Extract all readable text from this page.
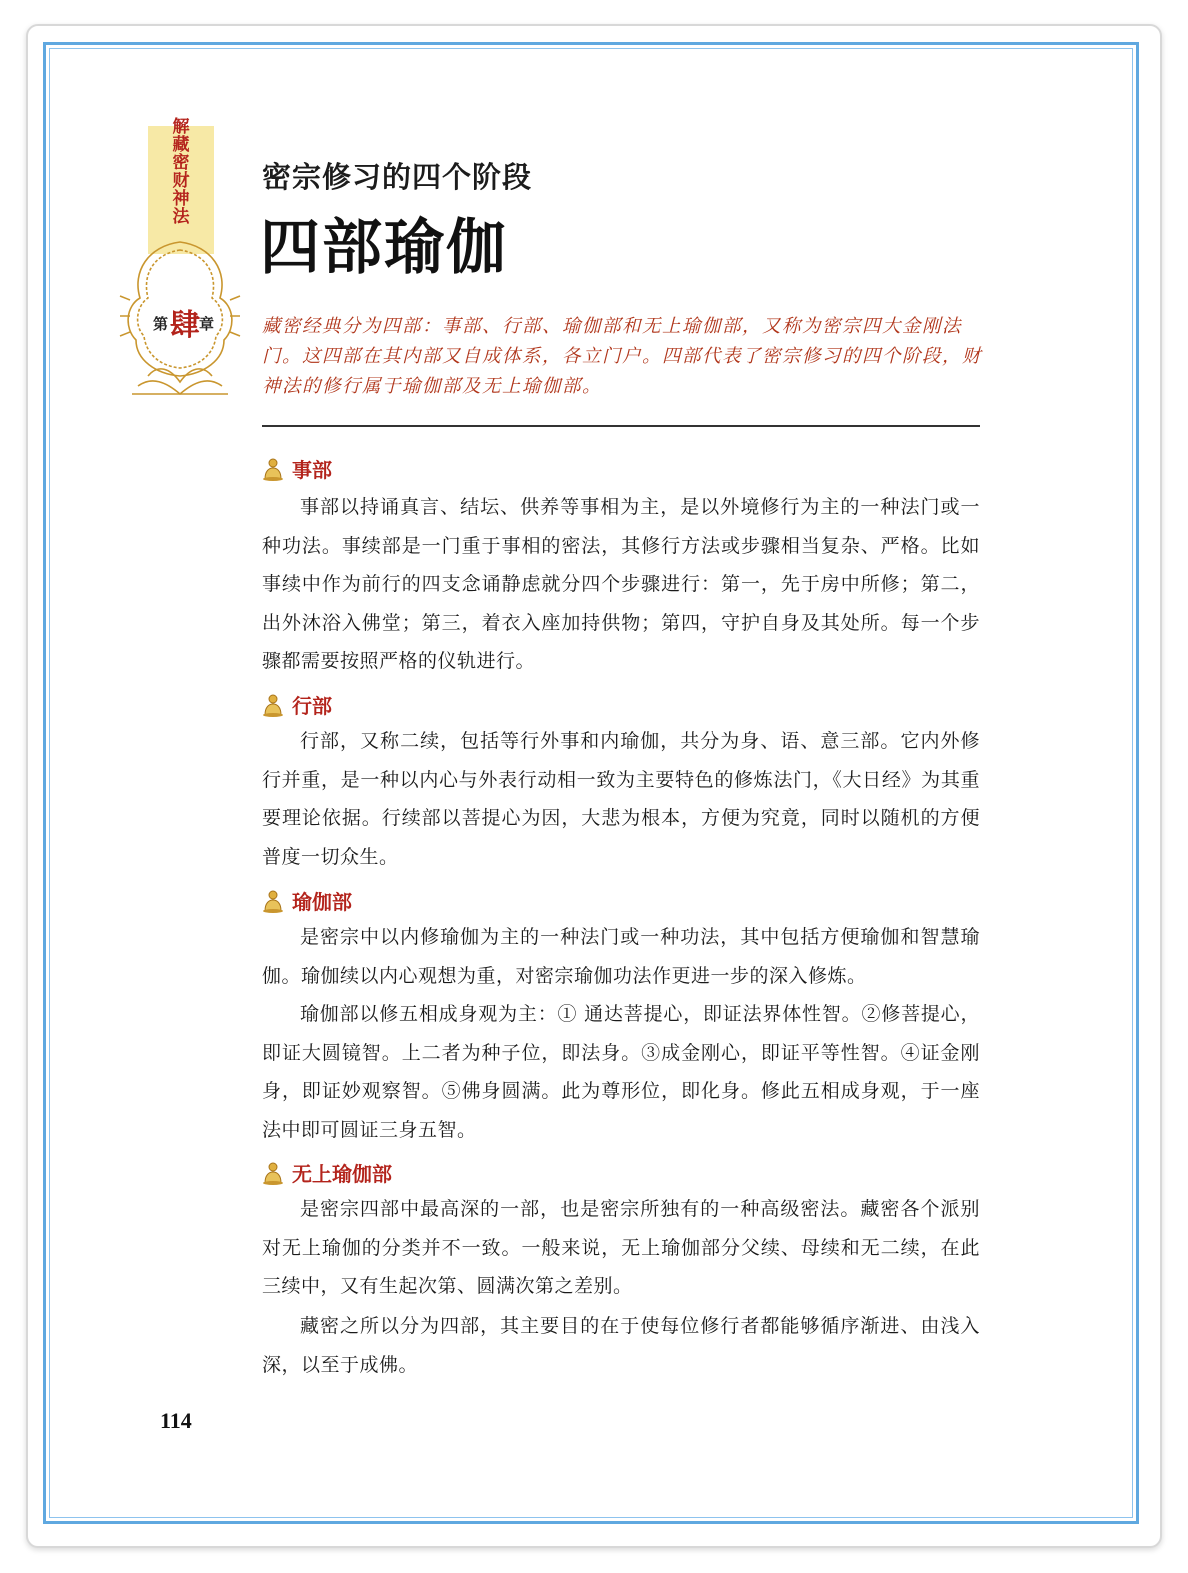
解藏密财神法
第 肆 章
密宗修习的四个阶段
四部瑜伽
藏密经典分为四部：事部、行部、瑜伽部和无上瑜伽部，又称为密宗四大金刚法门。这四部在其内部又自成体系，各立门户。四部代表了密宗修习的四个阶段，财神法的修行属于瑜伽部及无上瑜伽部。
事部
事部以持诵真言、结坛、供养等事相为主，是以外境修行为主的一种法门或一种功法。事续部是一门重于事相的密法，其修行方法或步骤相当复杂、严格。比如事续中作为前行的四支念诵静虑就分四个步骤进行：第一，先于房中所修；第二，出外沐浴入佛堂；第三，着衣入座加持供物；第四，守护自身及其处所。每一个步骤都需要按照严格的仪轨进行。
行部
行部，又称二续，包括等行外事和内瑜伽，共分为身、语、意三部。它内外修行并重，是一种以内心与外表行动相一致为主要特色的修炼法门，《大日经》为其重要理论依据。行续部以菩提心为因，大悲为根本，方便为究竟，同时以随机的方便普度一切众生。
瑜伽部
是密宗中以内修瑜伽为主的一种法门或一种功法，其中包括方便瑜伽和智慧瑜伽。瑜伽续以内心观想为重，对密宗瑜伽功法作更进一步的深入修炼。
瑜伽部以修五相成身观为主：① 通达菩提心，即证法界体性智。②修菩提心，即证大圆镜智。上二者为种子位，即法身。③成金刚心，即证平等性智。④证金刚身，即证妙观察智。⑤佛身圆满。此为尊形位，即化身。修此五相成身观，于一座法中即可圆证三身五智。
无上瑜伽部
是密宗四部中最高深的一部，也是密宗所独有的一种高级密法。藏密各个派别对无上瑜伽的分类并不一致。一般来说，无上瑜伽部分父续、母续和无二续，在此三续中，又有生起次第、圆满次第之差别。
藏密之所以分为四部，其主要目的在于使每位修行者都能够循序渐进、由浅入深，以至于成佛。
114
